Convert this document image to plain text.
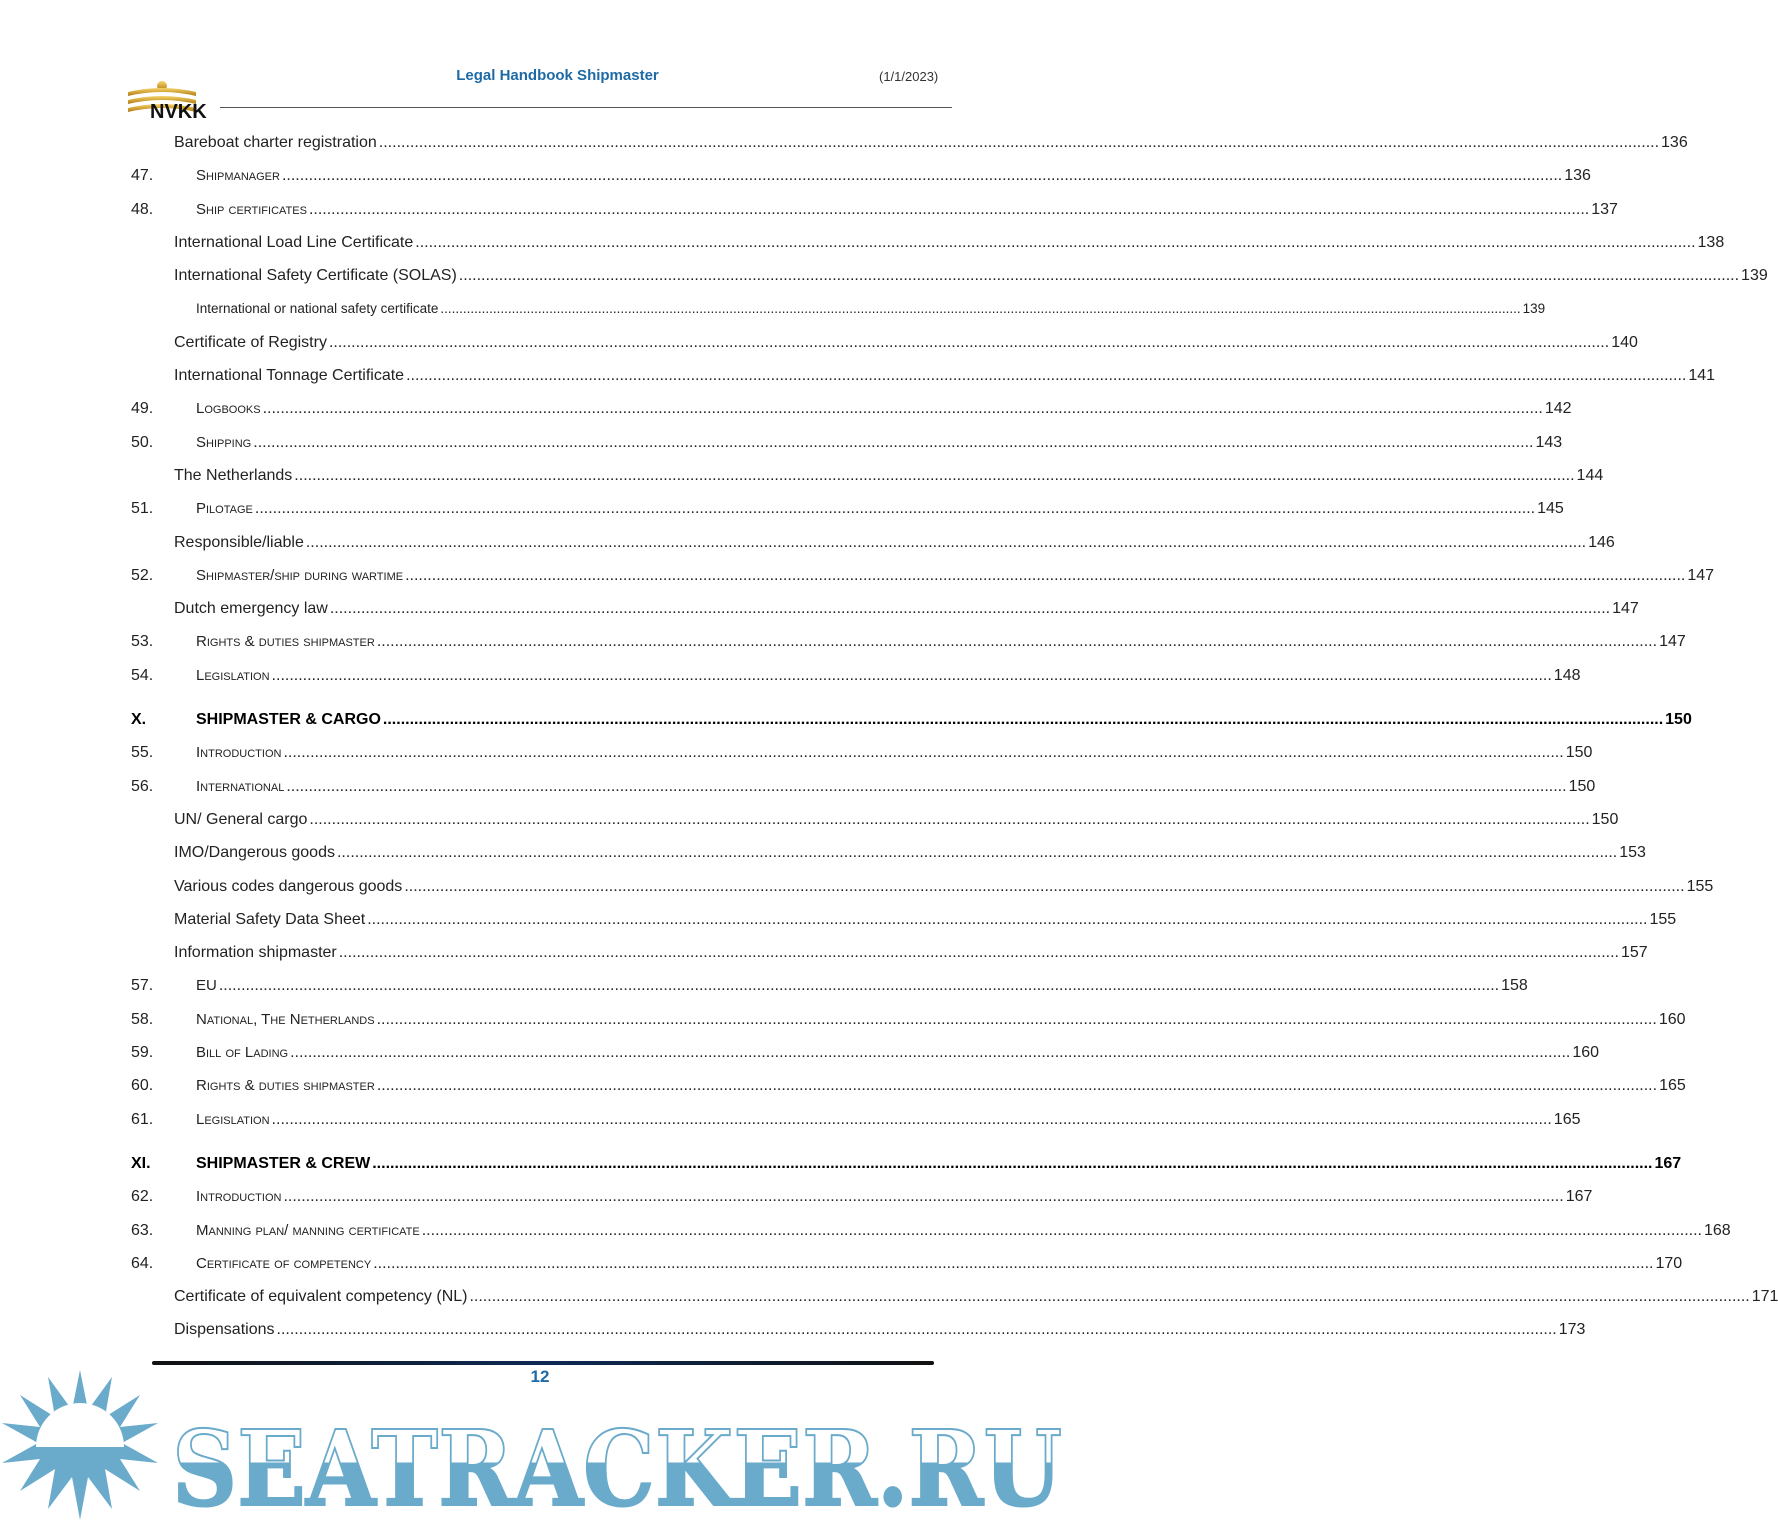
NVKK
Legal Handbook Shipmaster	(1/1/2023)
Bareboat charter registration .....	136
47.	Shipmanager .....	136
48.	Ship certificates .....	137
International Load Line Certificate .....	138
International Safety Certificate (SOLAS) .....	139
International or national safety certificate .....	139
Certificate of Registry .....	140
International Tonnage Certificate .....	141
49.	Logbooks .....	142
50.	Shipping .....	143
The Netherlands .....	144
51.	Pilotage .....	145
Responsible/liable .....	146
52.	Shipmaster/ship during wartime .....	147
Dutch emergency law .....	147
53.	Rights & duties shipmaster .....	147
54.	Legislation .....	148
X.	SHIPMASTER & CARGO .....	150
55.	Introduction .....	150
56.	International .....	150
UN/ General cargo .....	150
IMO/Dangerous goods .....	153
Various codes dangerous goods .....	155
Material Safety Data Sheet .....	155
Information shipmaster .....	157
57.	EU .....	158
58.	National, The Netherlands .....	160
59.	Bill of Lading .....	160
60.	Rights & duties shipmaster .....	165
61.	Legislation .....	165
XI.	SHIPMASTER & CREW .....	167
62.	Introduction .....	167
63.	Manning plan/ manning certificate .....	168
64.	Certificate of competency .....	170
Certificate of equivalent competency (NL) .....	171
Dispensations .....	173
12
SEATRACKER.RU
